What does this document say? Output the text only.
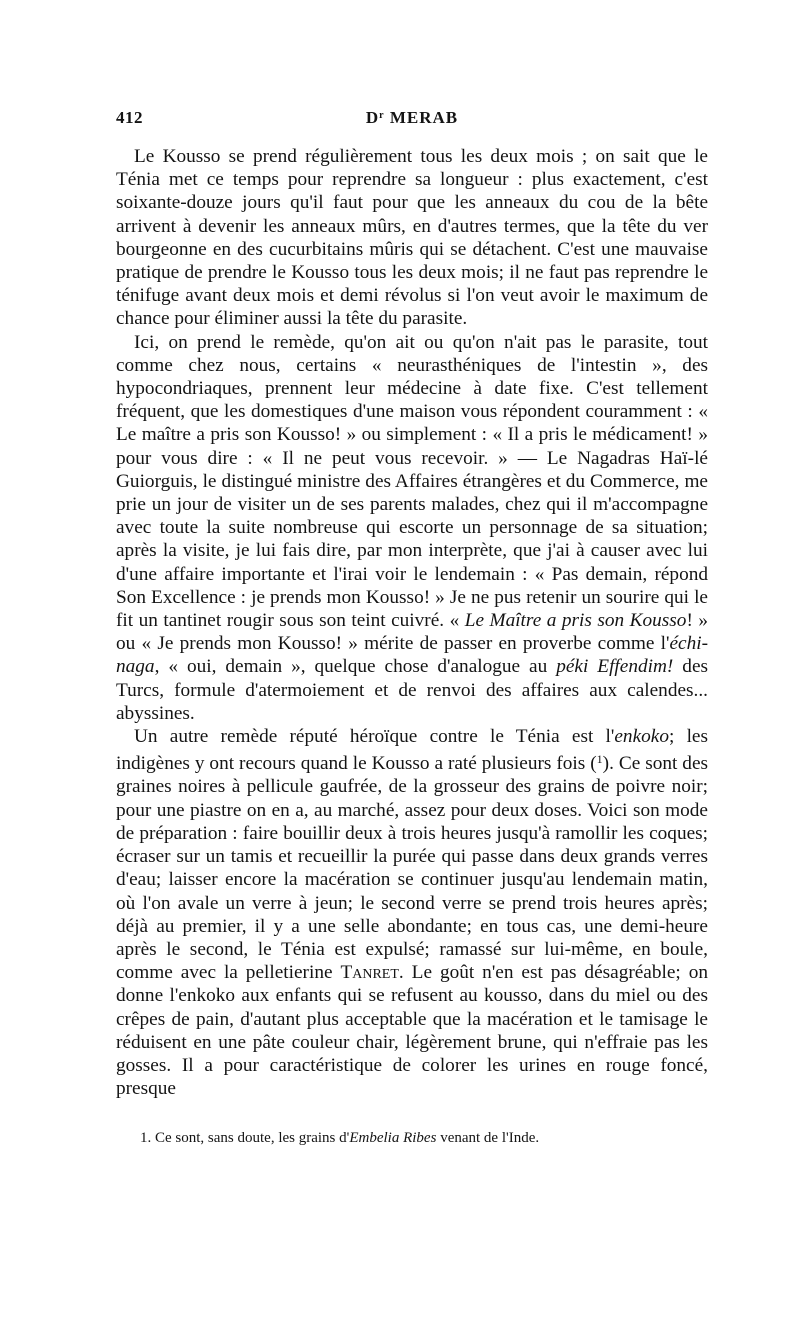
412	$D^r$ MERAB

Le Kousso se prend régulièrement tous les deux mois ; on sait que le Ténia met ce temps pour reprendre sa longueur : plus exactement, c'est soixante-douze jours qu'il faut pour que les anneaux du cou de la bête arrivent à devenir les anneaux mûrs, en d'autres termes, que la tête du ver bourgeonne en des cucurbitains mûris qui se détachent. C'est une mauvaise pratique de prendre le Kousso tous les deux mois; il ne faut pas reprendre le ténifuge avant deux mois et demi révolus si l'on veut avoir le maximum de chance pour éliminer aussi la tête du parasite.

Ici, on prend le remède, qu'on ait ou qu'on n'ait pas le parasite, tout comme chez nous, certains « neurasthéniques de l'intestin », des hypocondriaques, prennent leur médecine à date fixe. C'est tellement fréquent, que les domestiques d'une maison vous répondent couramment : « Le maître a pris son Kousso! » ou simplement : « Il a pris le médicament! » pour vous dire : « Il ne peut vous recevoir. » — Le Nagadras Haï-lé Guiorguis, le distingué ministre des Affaires étrangères et du Commerce, me prie un jour de visiter un de ses parents malades, chez qui il m'accompagne avec toute la suite nombreuse qui escorte un personnage de sa situation; après la visite, je lui fais dire, par mon interprète, que j'ai à causer avec lui d'une affaire importante et l'irai voir le lendemain : « Pas demain, répond Son Excellence : je prends mon Kousso! » Je ne pus retenir un sourire qui le fit un tantinet rougir sous son teint cuivré. « Le Maître a pris son Kousso! » ou « Je prends mon Kousso! » mérite de passer en proverbe comme l'échi-naga, « oui, demain », quelque chose d'analogue au péki Effendim! des Turcs, formule d'atermoiement et de renvoi des affaires aux calendes... abyssines.

Un autre remède réputé héroïque contre le Ténia est l'enkoko; les indigènes y ont recours quand le Kousso a raté plusieurs fois ($^1$). Ce sont des graines noires à pellicule gaufrée, de la grosseur des grains de poivre noir; pour une piastre on en a, au marché, assez pour deux doses. Voici son mode de préparation : faire bouillir deux à trois heures jusqu'à ramollir les coques; écraser sur un tamis et recueillir la purée qui passe dans deux grands verres d'eau; laisser encore la macération se continuer jusqu'au lendemain matin, où l'on avale un verre à jeun; le second verre se prend trois heures après; déjà au premier, il y a une selle abondante; en tous cas, une demi-heure après le second, le Ténia est expulsé; ramassé sur lui-même, en boule, comme avec la pelletierine Tanret. Le goût n'en est pas désagréable; on donne l'enkoko aux enfants qui se refusent au kousso, dans du miel ou des crêpes de pain, d'autant plus acceptable que la macération et le tamisage le réduisent en une pâte couleur chair, légèrement brune, qui n'effraie pas les gosses. Il a pour caractéristique de colorer les urines en rouge foncé, presque

1. Ce sont, sans doute, les grains d'Embelia Ribes venant de l'Inde.
